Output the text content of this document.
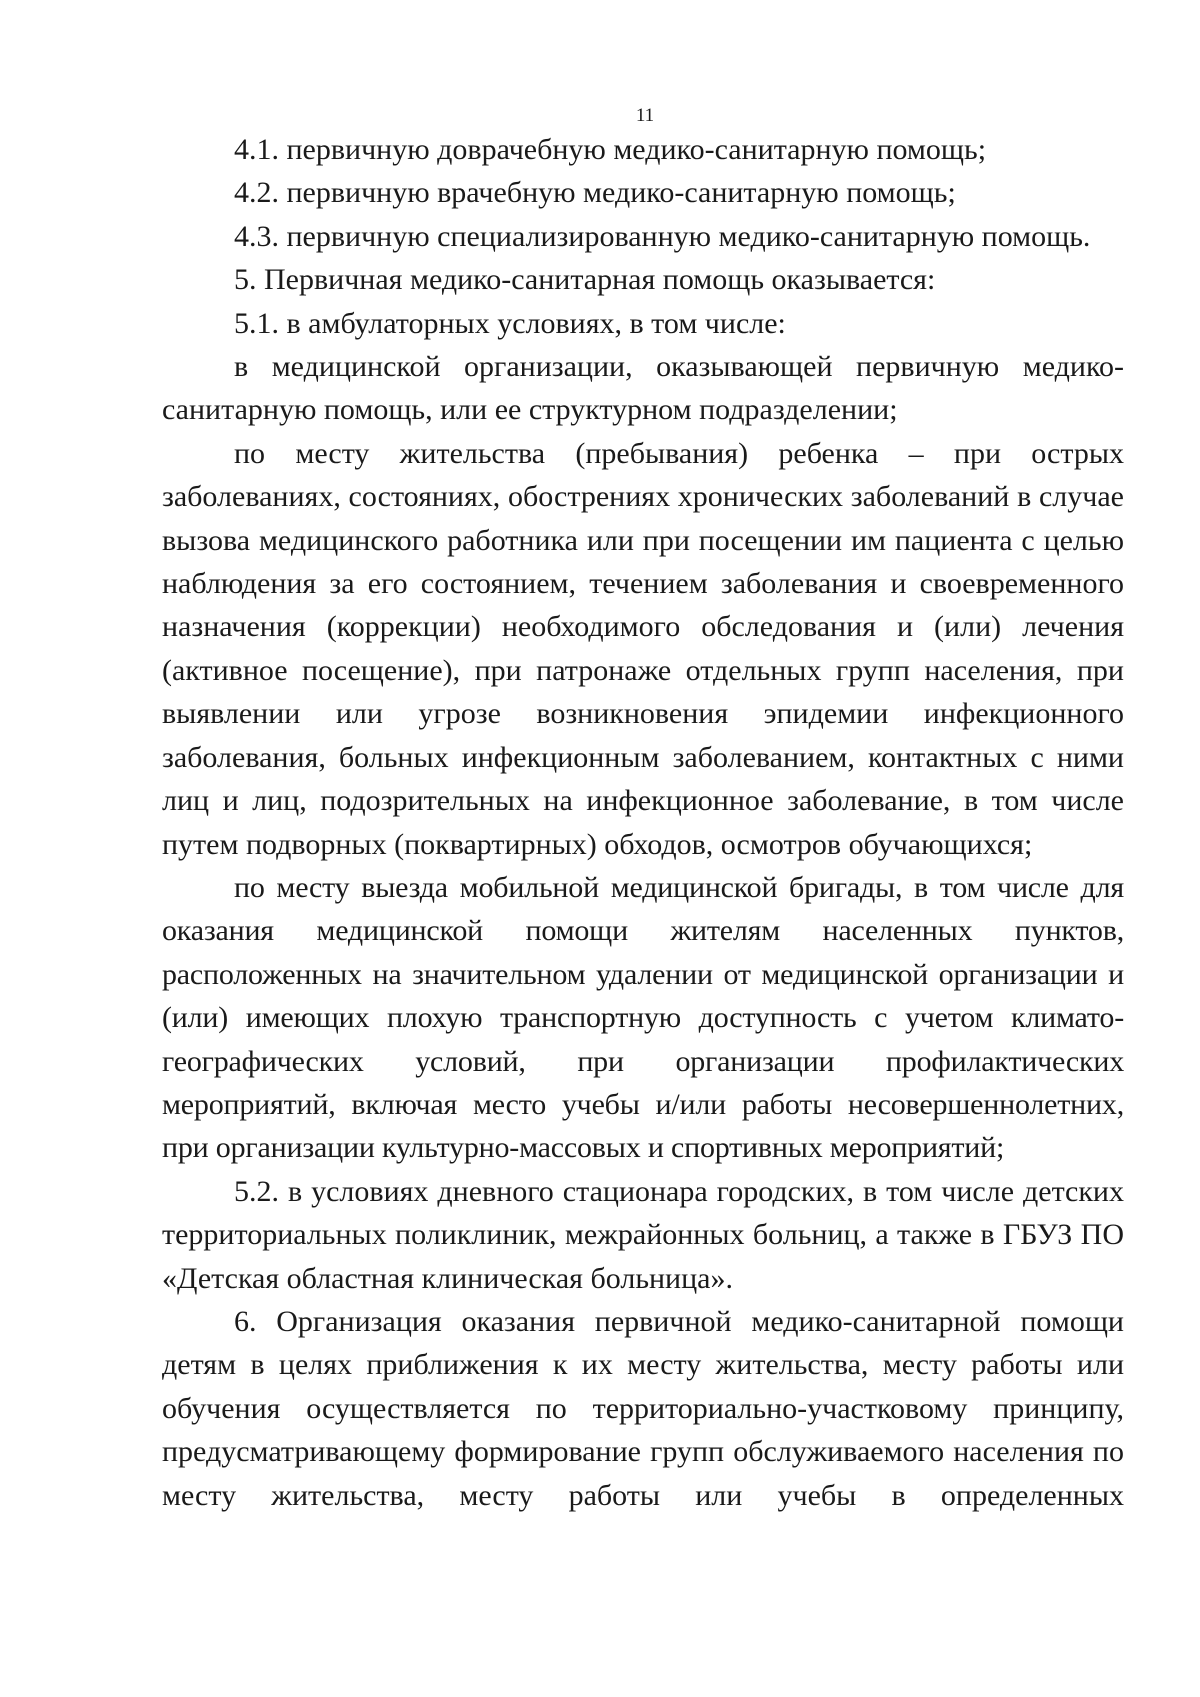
11

4.1. первичную доврачебную медико-санитарную помощь;

4.2. первичную врачебную медико-санитарную помощь;

4.3. первичную специализированную медико-санитарную помощь.

5. Первичная медико-санитарная помощь оказывается:

5.1. в амбулаторных условиях, в том числе:

в медицинской организации, оказывающей первичную медико-санитарную помощь, или ее структурном подразделении;

по месту жительства (пребывания) ребенка – при острых заболеваниях, состояниях, обострениях хронических заболеваний в случае вызова медицинского работника или при посещении им пациента с целью наблюдения за его состоянием, течением заболевания и своевременного назначения (коррекции) необходимого обследования и (или) лечения (активное посещение), при патронаже отдельных групп населения, при выявлении или угрозе возникновения эпидемии инфекционного заболевания, больных инфекционным заболеванием, контактных с ними лиц и лиц, подозрительных на инфекционное заболевание, в том числе путем подворных (поквартирных) обходов, осмотров обучающихся;

по месту выезда мобильной медицинской бригады, в том числе для оказания медицинской помощи жителям населенных пунктов, расположенных на значительном удалении от медицинской организации и (или) имеющих плохую транспортную доступность с учетом климато-географических условий, при организации профилактических мероприятий, включая место учебы и/или работы несовершеннолетних, при организации культурно-массовых и спортивных мероприятий;

5.2. в условиях дневного стационара городских, в том числе детских территориальных поликлиник, межрайонных больниц, а также в ГБУЗ ПО «Детская областная клиническая больница».

6. Организация оказания первичной медико-санитарной помощи детям в целях приближения к их месту жительства, месту работы или обучения осуществляется по территориально-участковому принципу, предусматривающему формирование групп обслуживаемого населения по месту жительства, месту работы или учебы в определенных
